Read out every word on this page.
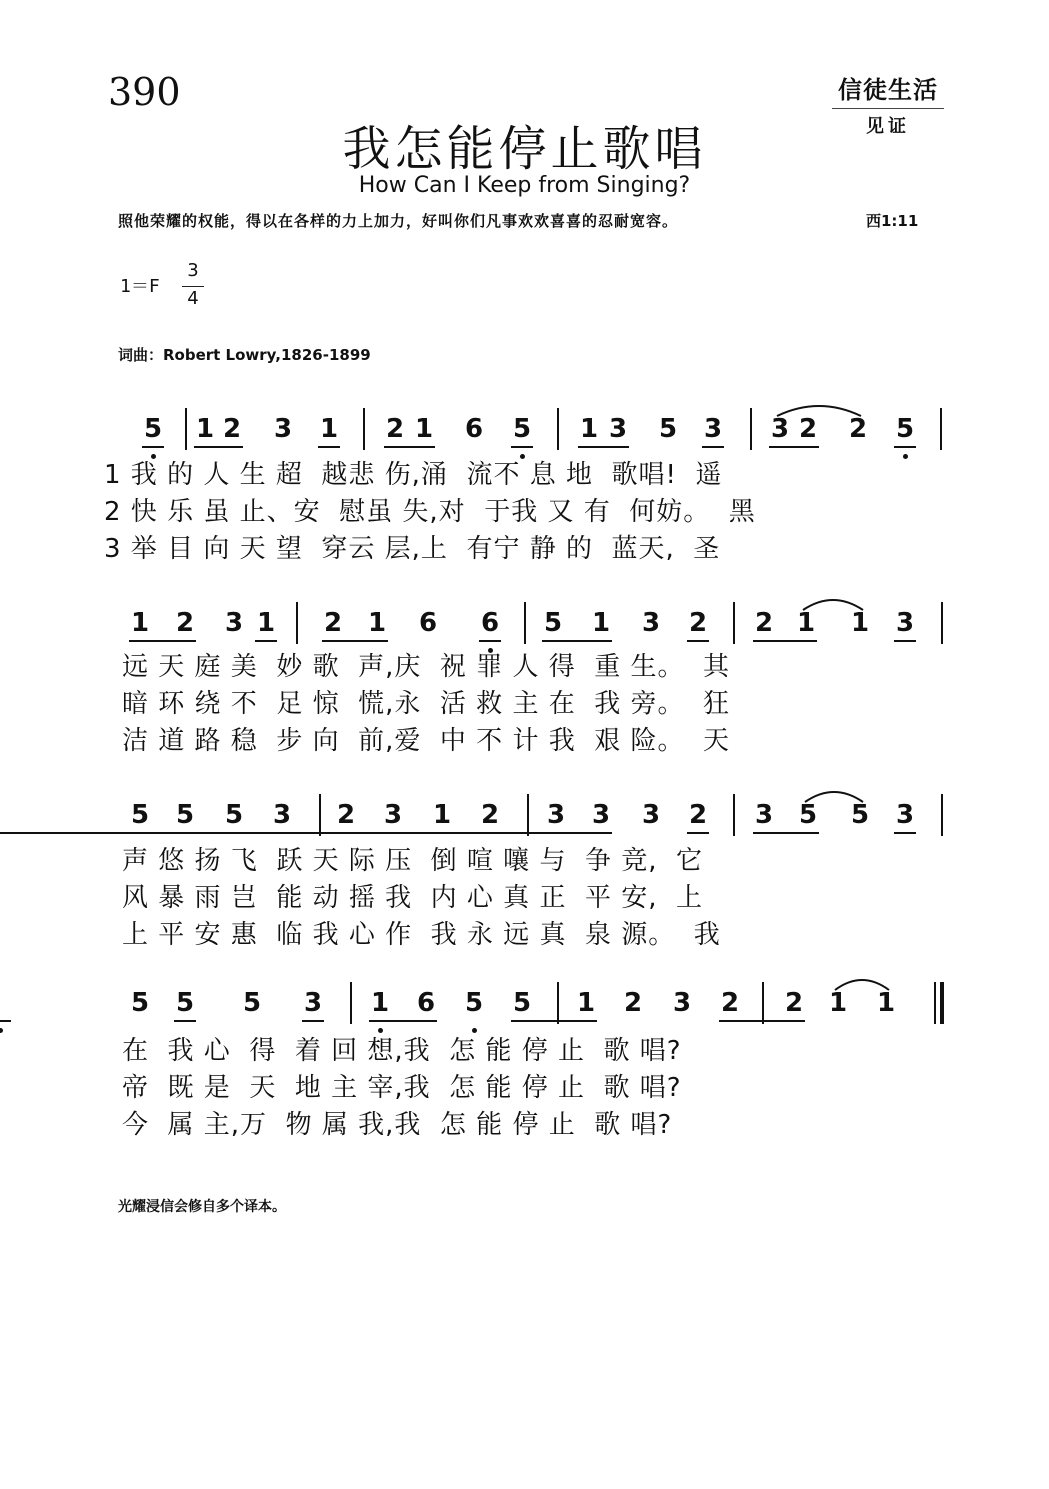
390	信徒生活
见证
我怎能停止歌唱
How Can I Keep from Singing?
照他荣耀的权能，得以在各样的力上加力，好叫你们凡事欢欢喜喜的忍耐宽容。	西1:11
1＝F
3
4
词曲：Robert Lowry,1826-1899
5 1 2 3 1 2 1 6 5 1 3 5 3 3 2 2 5
1 我 的 人 生 超  越悲 伤,涌  流不 息 地  歌唱!  遥
2 快 乐 虽 止、安  慰虽 失,对  于我 又 有  何妨。  黑
3 举 目 向 天 望  穿云 层,上  有宁 静 的  蓝天,  圣
1 2 3 1 2 1 6 6 5 1 3 2 2 1 1 3
远 天 庭 美  妙 歌  声,庆  祝 罪 人 得  重 生。  其
暗 环 绕 不  足 惊  慌,永  活 救 主 在  我 旁。  狂
洁 道 路 稳  步 向  前,爱  中 不 计 我  艰 险。  天
5 5 5 3 2 3 1 2 3 3 3 2 3 5 5 3
声 悠 扬 飞  跃 天 际 压  倒 喧 嚷 与  争 竞,  它
风 暴 雨 岂  能 动 摇 我  内 心 真 正  平 安,  上
上 平 安 惠  临 我 心 作  我 永 远 真  泉 源。  我
5 5 5 3 1 6 5 5 1 2 3 2 2 1 1
在  我 心  得  着 回 想,我  怎 能 停 止  歌 唱?
帝  既 是  天  地 主 宰,我  怎 能 停 止  歌 唱?
今  属 主,万  物 属 我,我  怎 能 停 止  歌 唱?
光耀浸信会修自多个译本。
